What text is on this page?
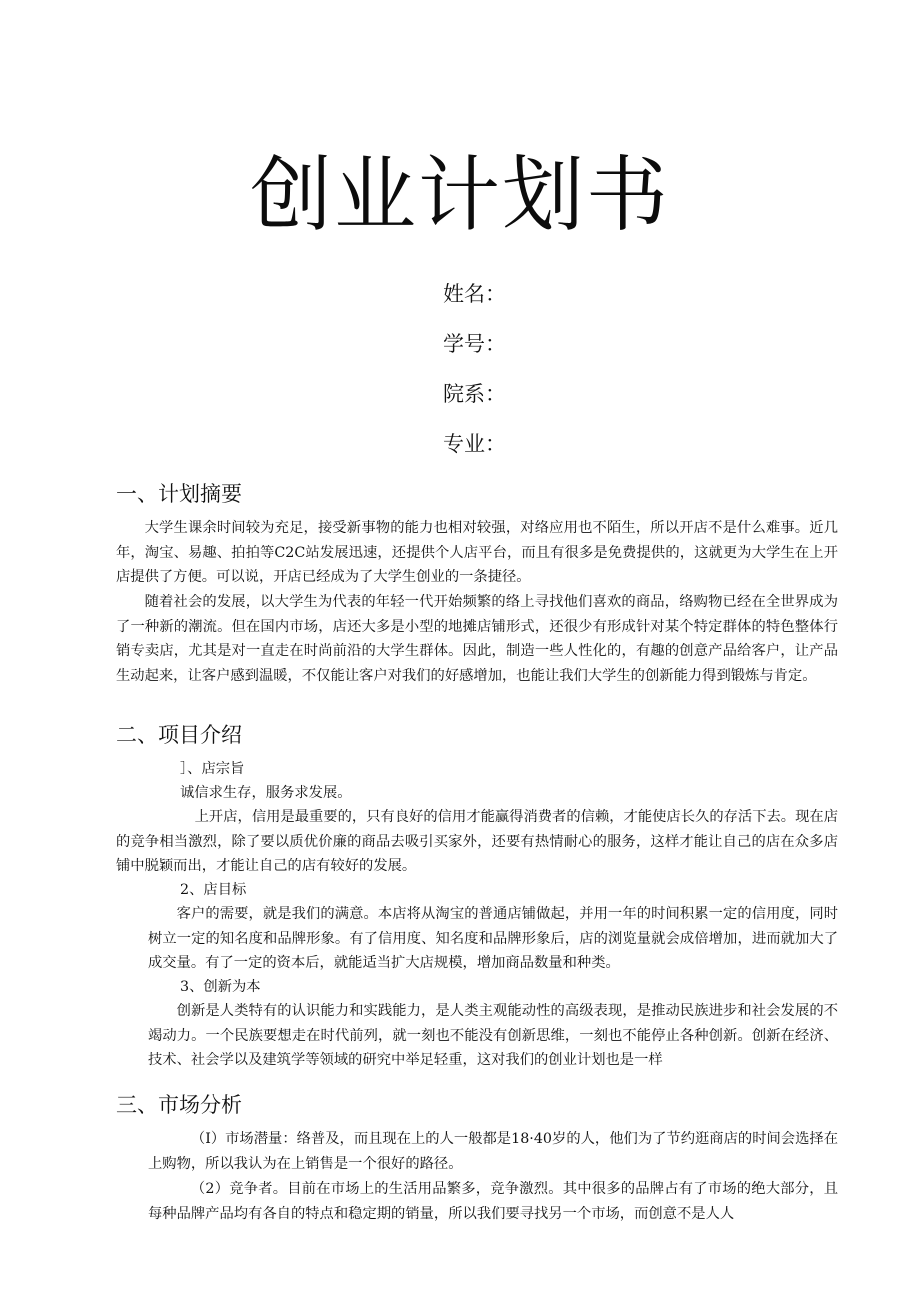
创业计划书
姓名：
学号：
院系：
专业：
一、计划摘要

大学生课余时间较为充足，接受新事物的能力也相对较强，对络应用也不陌生，所以开店不是什么难事。近几年，淘宝、易趣、拍拍等C2C站发展迅速，还提供个人店平台，而且有很多是免费提供的，这就更为大学生在上开店提供了方便。可以说，开店已经成为了大学生创业的一条捷径。

随着社会的发展，以大学生为代表的年轻一代开始频繁的络上寻找他们喜欢的商品，络购物已经在全世界成为了一种新的潮流。但在国内市场，店还大多是小型的地摊店铺形式，还很少有形成针对某个特定群体的特色整体行销专卖店，尤其是对一直走在时尚前沿的大学生群体。因此，制造一些人性化的，有趣的创意产品给客户，让产品生动起来，让客户感到温暖，不仅能让客户对我们的好感增加，也能让我们大学生的创新能力得到锻炼与肯定。

二、项目介绍
］、店宗旨
诚信求生存，服务求发展。

上开店，信用是最重要的，只有良好的信用才能赢得消费者的信赖，才能使店长久的存活下去。现在店的竞争相当激烈，除了要以质优价廉的商品去吸引买家外，还要有热情耐心的服务，这样才能让自己的店在众多店铺中脱颖而出，才能让自己的店有较好的发展。

2、店目标

客户的需要，就是我们的满意。本店将从淘宝的普通店铺做起，并用一年的时间积累一定的信用度，同时树立一定的知名度和品牌形象。有了信用度、知名度和品牌形象后，店的浏览量就会成倍增加，进而就加大了成交量。有了一定的资本后，就能适当扩大店规模，增加商品数量和种类。

3、创新为本

创新是人类特有的认识能力和实践能力，是人类主观能动性的高级表现，是推动民族进步和社会发展的不竭动力。一个民族要想走在时代前列，就一刻也不能没有创新思维，一刻也不能停止各种创新。创新在经济、技术、社会学以及建筑学等领域的研究中举足轻重，这对我们的创业计划也是一样

三、市场分析

（I）市场潜量：络普及，而且现在上的人一般都是18·40岁的人，他们为了节约逛商店的时间会选择在上购物，所以我认为在上销售是一个很好的路径。

（2）竞争者。目前在市场上的生活用品繁多，竞争激烈。其中很多的品牌占有了市场的绝大部分，且每种品牌产品均有各自的特点和稳定期的销量，所以我们要寻找另一个市场，而创意不是人人
